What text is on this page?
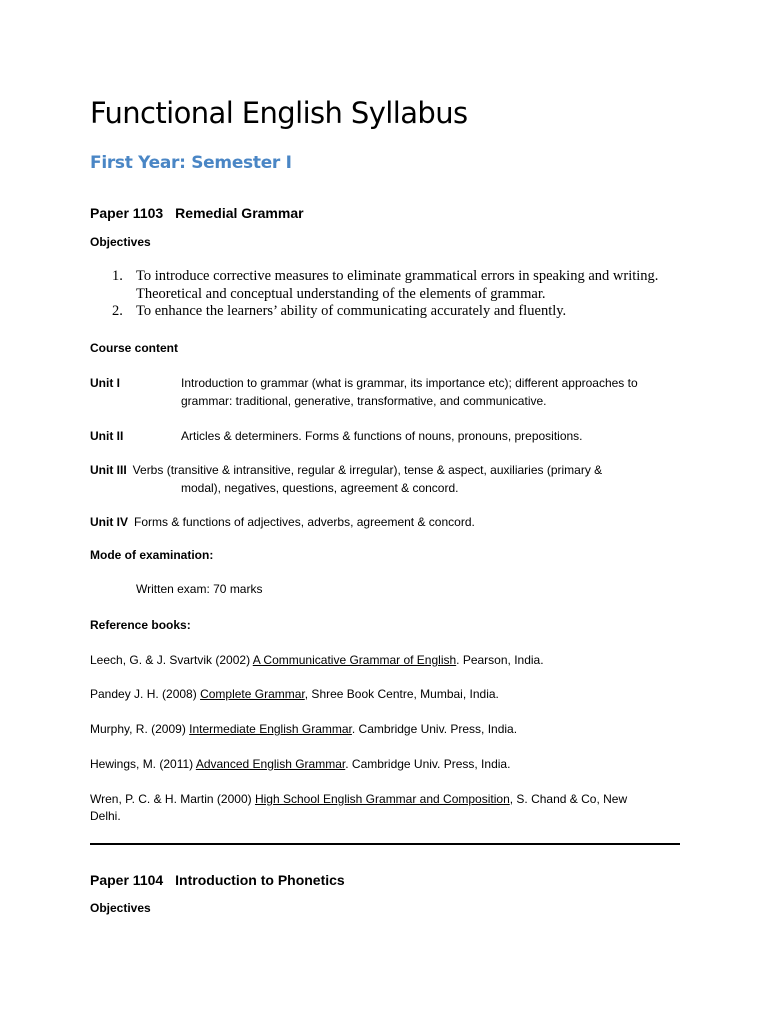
Functional English Syllabus
First Year: Semester I
Paper 1103 Remedial Grammar
Objectives
1. To introduce corrective measures to eliminate grammatical errors in speaking and writing. Theoretical and conceptual understanding of the elements of grammar.
2. To enhance the learners’ ability of communicating accurately and fluently.
Course content
Unit I	Introduction to grammar (what is grammar, its importance etc); different approaches to grammar: traditional, generative, transformative, and communicative.
Unit II	Articles & determiners. Forms & functions of nouns, pronouns, prepositions.
Unit III Verbs (transitive & intransitive, regular & irregular), tense & aspect, auxiliaries (primary &
modal), negatives, questions, agreement & concord.
Unit IV Forms & functions of adjectives, adverbs, agreement & concord.
Mode of examination:
Written exam: 70 marks
Reference books:
Leech, G. & J. Svartvik (2002) A Communicative Grammar of English. Pearson, India.
Pandey J. H. (2008) Complete Grammar, Shree Book Centre, Mumbai, India.
Murphy, R. (2009) Intermediate English Grammar. Cambridge Univ. Press, India.
Hewings, M. (2011) Advanced English Grammar. Cambridge Univ. Press, India.
Wren, P. C. & H. Martin (2000) High School English Grammar and Composition, S. Chand & Co, New Delhi.
Paper 1104 Introduction to Phonetics
Objectives
